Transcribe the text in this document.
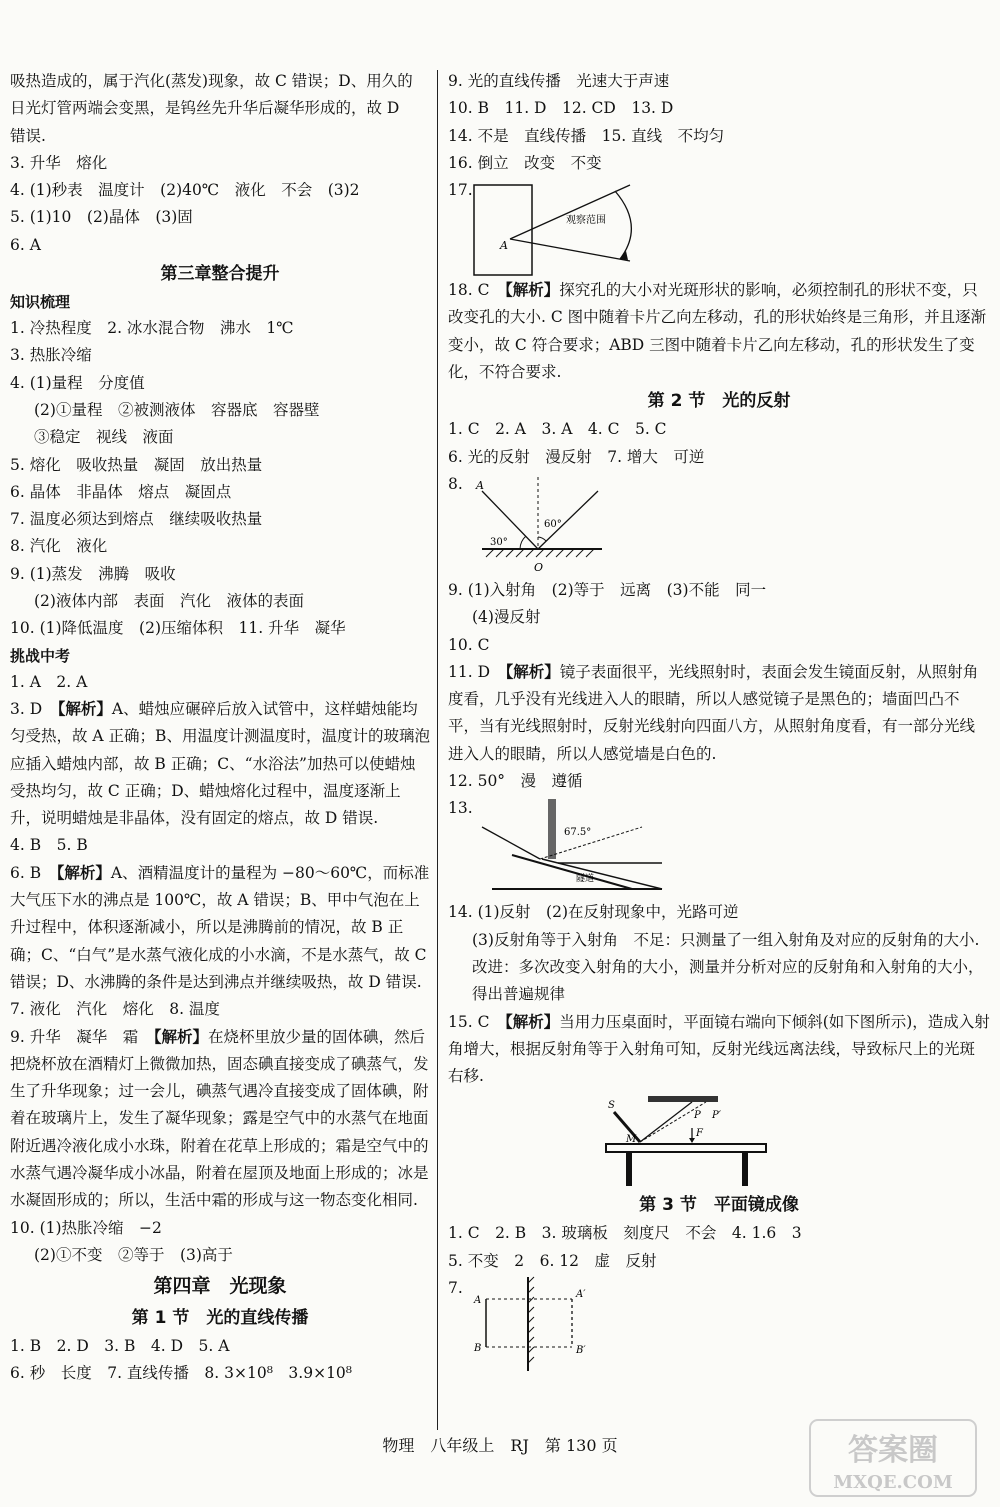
吸热造成的，属于汽化(蒸发)现象，故 C 错误；D、用久的
日光灯管两端会变黑，是钨丝先升华后凝华形成的，故 D
错误.
3. 升华　熔化
4. (1)秒表　温度计　(2)40℃　液化　不会　(3)2
5. (1)10　(2)晶体　(3)固
6. A
第三章整合提升
知识梳理
1. 冷热程度　2. 冰水混合物　沸水　1℃
3. 热胀冷缩
4. (1)量程　分度值
(2)①量程　②被测液体　容器底　容器壁
③稳定　视线　液面
5. 熔化　吸收热量　凝固　放出热量
6. 晶体　非晶体　熔点　凝固点
7. 温度必须达到熔点　继续吸收热量
8. 汽化　液化
9. (1)蒸发　沸腾　吸收
(2)液体内部　表面　汽化　液体的表面
10. (1)降低温度　(2)压缩体积　11. 升华　凝华
挑战中考
1. A　2. A
3. D　【解析】A、蜡烛应碾碎后放入试管中，这样蜡烛能均匀受热，故 A 正确；B、用温度计测温度时，温度计的玻璃泡应插入蜡烛内部，故 B 正确；C、“水浴法”加热可以使蜡烛受热均匀，故 C 正确；D、蜡烛熔化过程中，温度逐渐上升，说明蜡烛是非晶体，没有固定的熔点，故 D 错误.
4. B　5. B
6. B　【解析】A、酒精温度计的量程为 −80～60℃，而标准大气压下水的沸点是 100℃，故 A 错误；B、甲中气泡在上升过程中，体积逐渐减小，所以是沸腾前的情况，故 B 正确；C、“白气”是水蒸气液化成的小水滴，不是水蒸气，故 C 错误；D、水沸腾的条件是达到沸点并继续吸热，故 D 错误.
7. 液化　汽化　熔化　8. 温度
9. 升华　凝华　霜　【解析】在烧杯里放少量的固体碘，然后把烧杯放在酒精灯上微微加热，固态碘直接变成了碘蒸气，发生了升华现象；过一会儿，碘蒸气遇冷直接变成了固体碘，附着在玻璃片上，发生了凝华现象；露是空气中的水蒸气在地面附近遇冷液化成小水珠，附着在花草上形成的；霜是空气中的水蒸气遇冷凝华成小冰晶，附着在屋顶及地面上形成的；冰是水凝固形成的；所以，生活中霜的形成与这一物态变化相同.
10. (1)热胀冷缩　−2
(2)①不变　②等于　(3)高于
第四章　光现象
第 1 节　光的直线传播
1. B　2. D　3. B　4. D　5. A
6. 秒　长度　7. 直线传播　8. 3×10⁸　3.9×10⁸
9. 光的直线传播　光速大于声速
10. B　11. D　12. CD　13. D
14. 不是　直线传播　15. 直线　不均匀
16. 倒立　改变　不变
17.
A
观察范围
18. C　【解析】探究孔的大小对光斑形状的影响，必须控制孔的形状不变，只改变孔的大小. C 图中随着卡片乙向左移动，孔的形状始终是三角形，并且逐渐变小，故 C 符合要求；ABD 三图中随着卡片乙向左移动，孔的形状发生了变化，不符合要求.
第 2 节　光的反射
1. C　2. A　3. A　4. C　5. C
6. 光的反射　漫反射　7. 增大　可逆
8. A
O
30°
60°
9. (1)入射角　(2)等于　远离　(3)不能　同一
(4)漫反射
10. C
11. D　【解析】镜子表面很平，光线照射时，表面会发生镜面反射，从照射角度看，几乎没有光线进入人的眼睛，所以人感觉镜子是黑色的；墙面凹凸不平，当有光线照射时，反射光线射向四面八方，从照射角度看，有一部分光线进入人的眼睛，所以人感觉墙是白色的.
12. 50°　漫　遵循
13.
67.5°
隧道
14. (1)反射　(2)在反射现象中，光路可逆
(3)反射角等于入射角　不足：只测量了一组入射角及对应的反射角的大小. 改进：多次改变入射角的大小，测量并分析对应的反射角和入射角的大小，得出普遍规律
15. C　【解析】当用力压桌面时，平面镜右端向下倾斜(如下图所示)，造成入射角增大，根据反射角等于入射角可知，反射光线远离法线，导致标尺上的光斑右移.
S
M
P P′
F
第 3 节　平面镜成像
1. C　2. B　3. 玻璃板　刻度尺　不会　4. 1.6　3
5. 不变　2　6. 12　虚　反射
7.
A
A′
B	B′
物理　八年级上　RJ　第 130 页	答案圈
MXQE.COM
